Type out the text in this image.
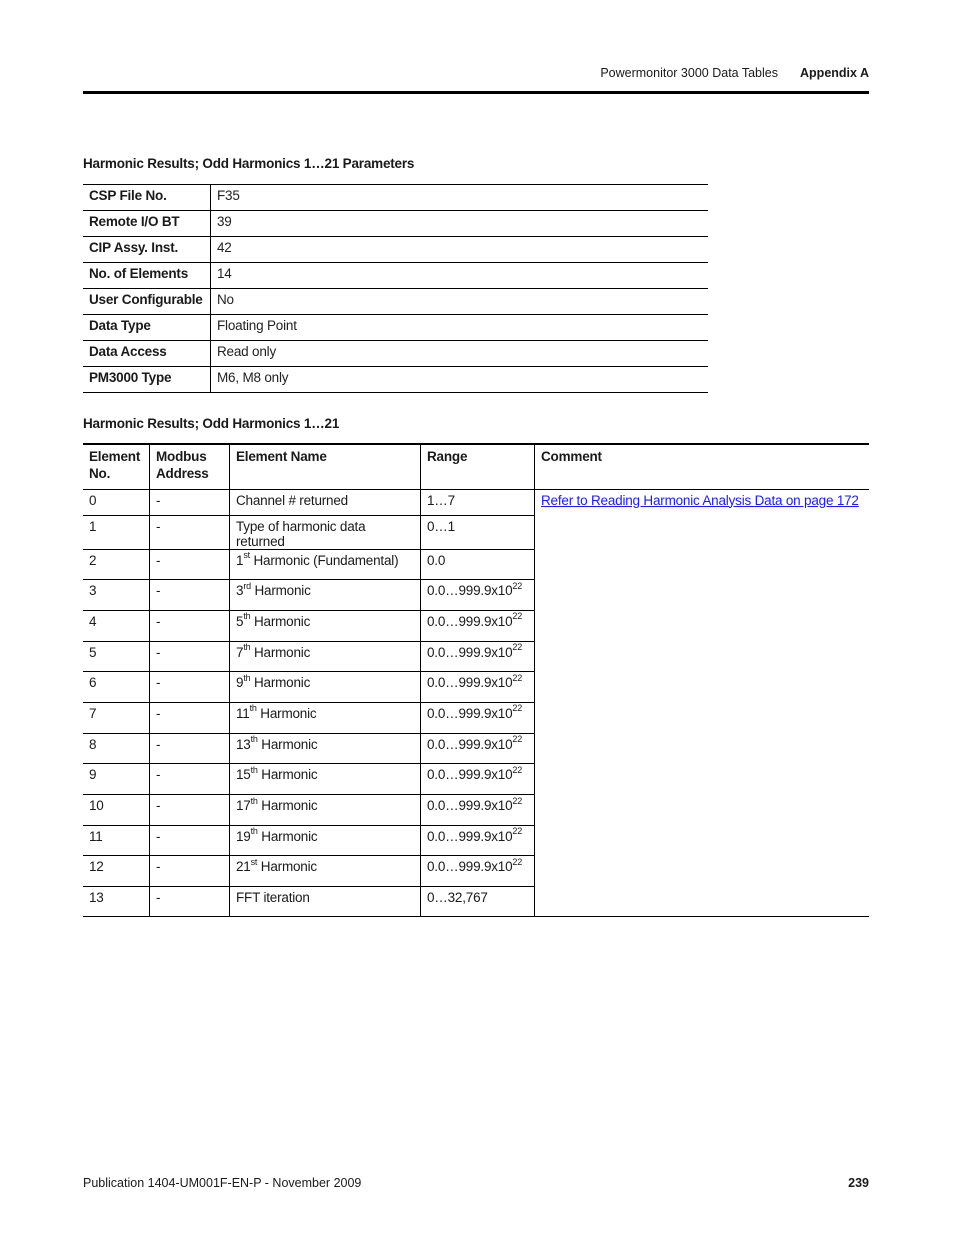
Powermonitor 3000 Data Tables Appendix A
Harmonic Results; Odd Harmonics 1…21 Parameters
CSP File No.	F35
Remote I/O BT	39
CIP Assy. Inst.	42
No. of Elements	14
User Configurable	No
Data Type	Floating Point
Data Access	Read only
PM3000 Type	M6, M8 only
Harmonic Results; Odd Harmonics 1…21
Element No.	Modbus Address	Element Name	Range	Comment
0	-	Channel # returned	1…7	Refer to Reading Harmonic Analysis Data on page 172
1	-	Type of harmonic data returned	0…1	
2	-	1st Harmonic (Fundamental)	0.0	
3	-	3rd Harmonic	$0.0\dots 999.9x10^{22}$
4	-	5th Harmonic	$0.0\dots 999.9x10^{22}$
5	-	7th Harmonic	$0.0\dots 999.9x10^{22}$
6	-	9th Harmonic	$0.0\dots 999.9x10^{22}$
7	-	11th Harmonic	$0.0\dots 999.9x10^{22}$
8	-	13th Harmonic	$0.0\dots 999.9x10^{22}$
9	-	15th Harmonic	$0.0\dots 999.9x10^{22}$
10	-	17th Harmonic	$0.0\dots 999.9x10^{22}$
11	-	19th Harmonic	$0.0\dots 999.9x10^{22}$
12	-	21st Harmonic	$0.0\dots 999.9x10^{22}$
13	-	FFT iteration	0…32,767	
Publication 1404-UM001F-EN-P - November 2009	239
